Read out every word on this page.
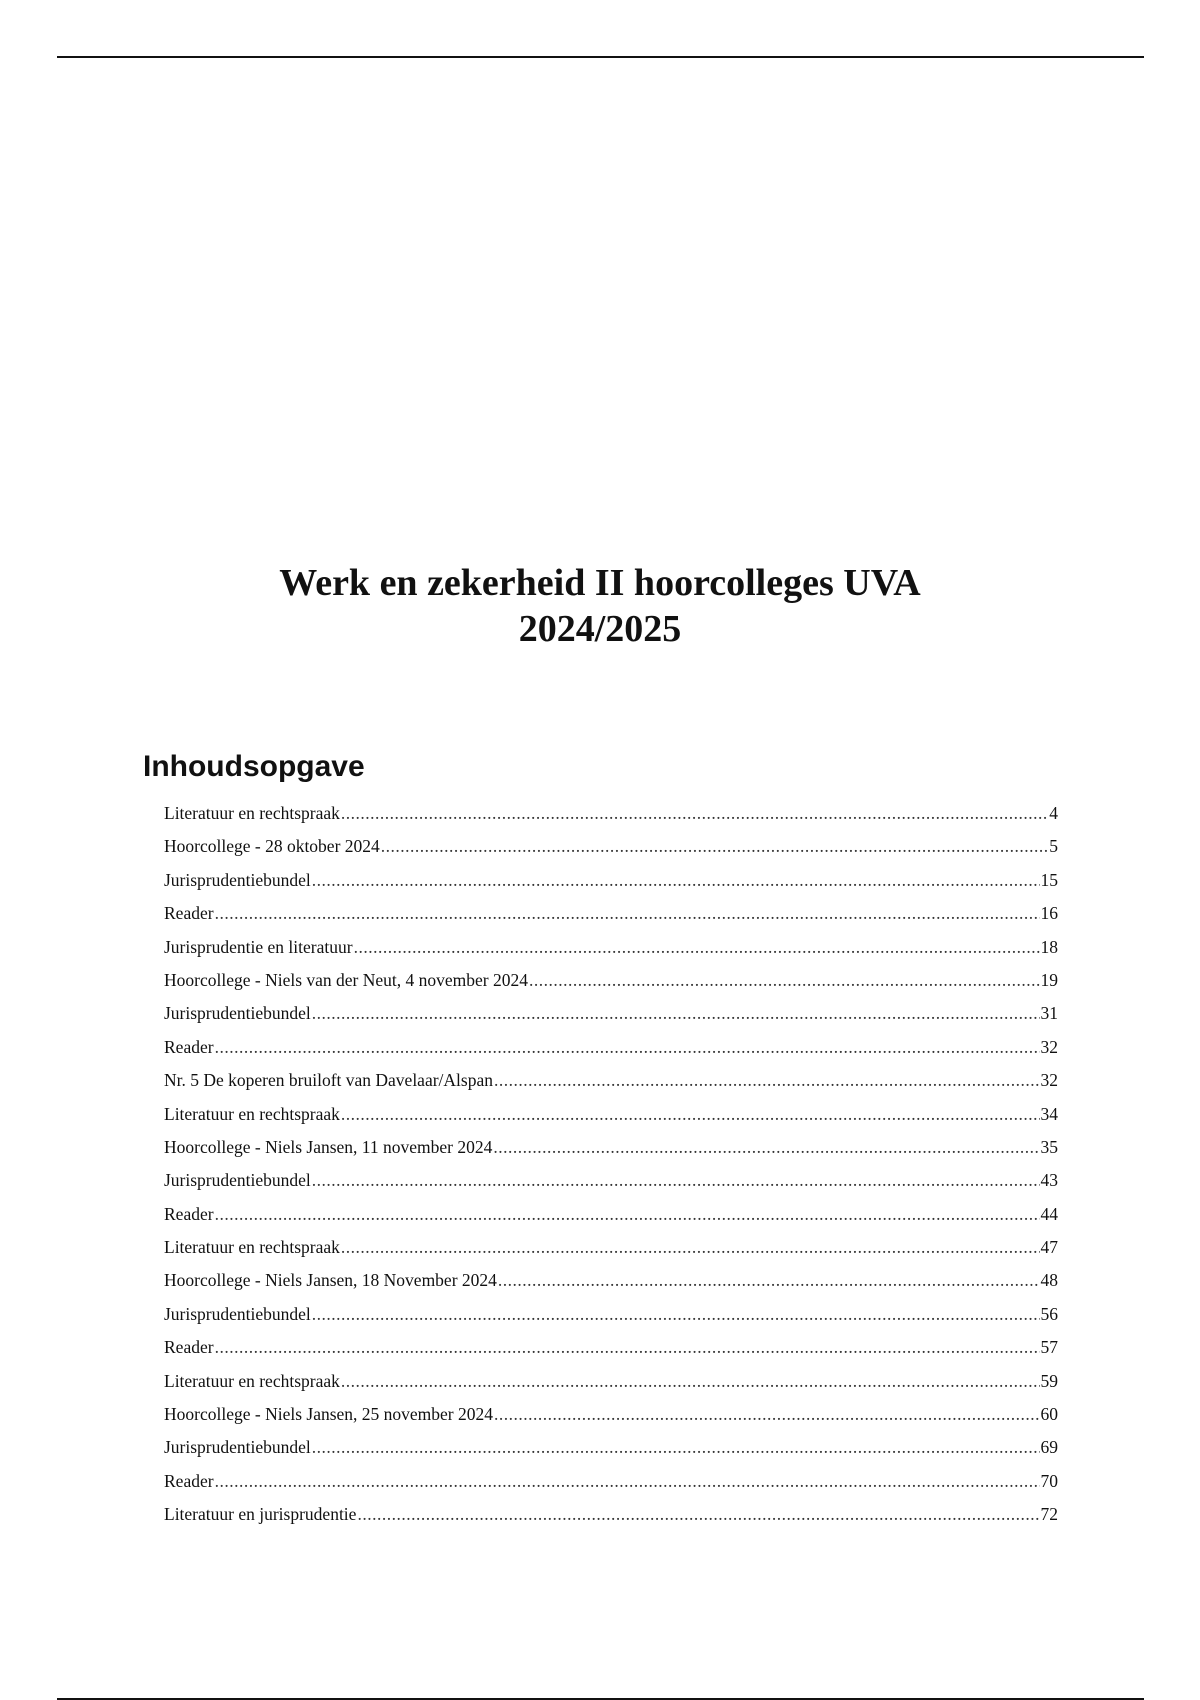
Werk en zekerheid II hoorcolleges UVA
2024/2025
Inhoudsopgave
Literatuur en rechtspraak .....	4
Hoorcollege - 28 oktober 2024 .....	5
Jurisprudentiebundel .....	15
Reader .....	16
Jurisprudentie en literatuur .....	18
Hoorcollege - Niels van der Neut, 4 november 2024 .....	19
Jurisprudentiebundel .....	31
Reader .....	32
Nr. 5 De koperen bruiloft van Davelaar/Alspan .....	32
Literatuur en rechtspraak .....	34
Hoorcollege - Niels Jansen, 11 november 2024 .....	35
Jurisprudentiebundel .....	43
Reader .....	44
Literatuur en rechtspraak .....	47
Hoorcollege - Niels Jansen, 18 November 2024 .....	48
Jurisprudentiebundel .....	56
Reader .....	57
Literatuur en rechtspraak .....	59
Hoorcollege - Niels Jansen, 25 november 2024 .....	60
Jurisprudentiebundel .....	69
Reader .....	70
Literatuur en jurisprudentie .....	72
